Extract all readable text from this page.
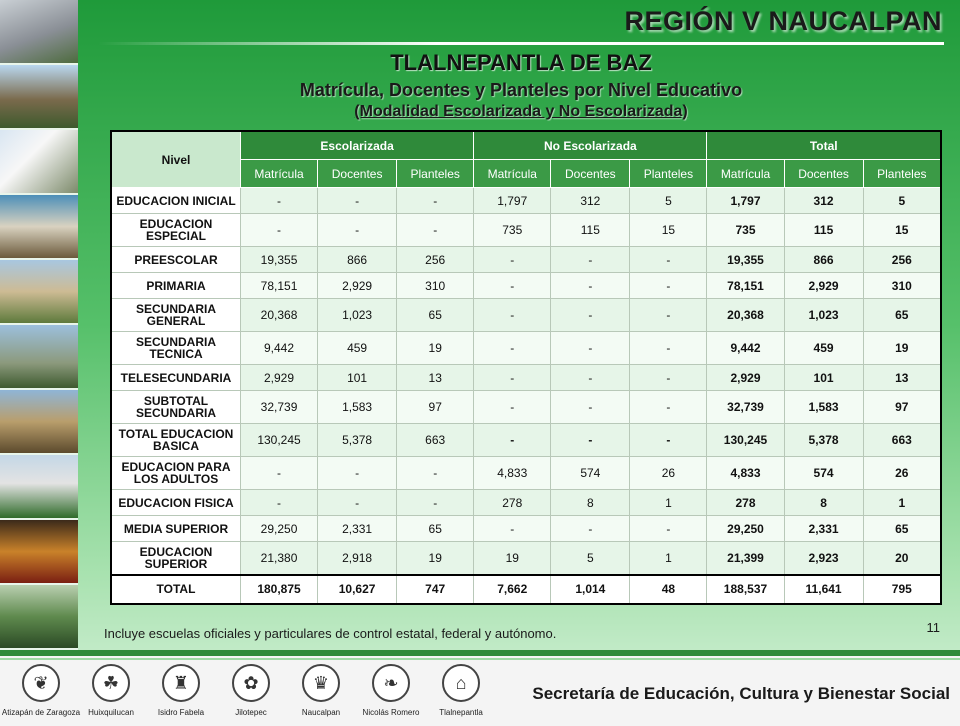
REGIÓN V NAUCALPAN
TLALNEPANTLA DE BAZ
Matrícula, Docentes y Planteles por Nivel Educativo
(Modalidad Escolarizada y No Escolarizada)
Nivel	Escolarizada			No Escolarizada			Total		
	Matrícula	Docentes	Planteles	Matrícula	Docentes	Planteles	Matrícula	Docentes	Planteles
EDUCACION INICIAL	-	-	-	1,797	312	5	1,797	312	5
EDUCACION ESPECIAL	-	-	-	735	115	15	735	115	15
PREESCOLAR	19,355	866	256	-	-	-	19,355	866	256
PRIMARIA	78,151	2,929	310	-	-	-	78,151	2,929	310
SECUNDARIA GENERAL	20,368	1,023	65	-	-	-	20,368	1,023	65
SECUNDARIA TECNICA	9,442	459	19	-	-	-	9,442	459	19
TELESECUNDARIA	2,929	101	13	-	-	-	2,929	101	13
SUBTOTAL SECUNDARIA	32,739	1,583	97	-	-	-	32,739	1,583	97
TOTAL EDUCACION BASICA	130,245	5,378	663	-	-	-	130,245	5,378	663
EDUCACION PARA LOS ADULTOS	-	-	-	4,833	574	26	4,833	574	26
EDUCACION FISICA	-	-	-	278	8	1	278	8	1
MEDIA SUPERIOR	29,250	2,331	65	-	-	-	29,250	2,331	65
EDUCACION SUPERIOR	21,380	2,918	19	19	5	1	21,399	2,923	20
TOTAL	180,875	10,627	747	7,662	1,014	48	188,537	11,641	795
Incluye escuelas oficiales y particulares de control estatal, federal y autónomo.	11
❦
Atizapán de Zaragoza
☘
Huixquilucan
♜
Isidro Fabela
✿
Jilotepec
♛
Naucalpan
❧
Nicolás Romero
⌂
Tlalnepantla
Secretaría de Educación, Cultura y Bienestar Social
